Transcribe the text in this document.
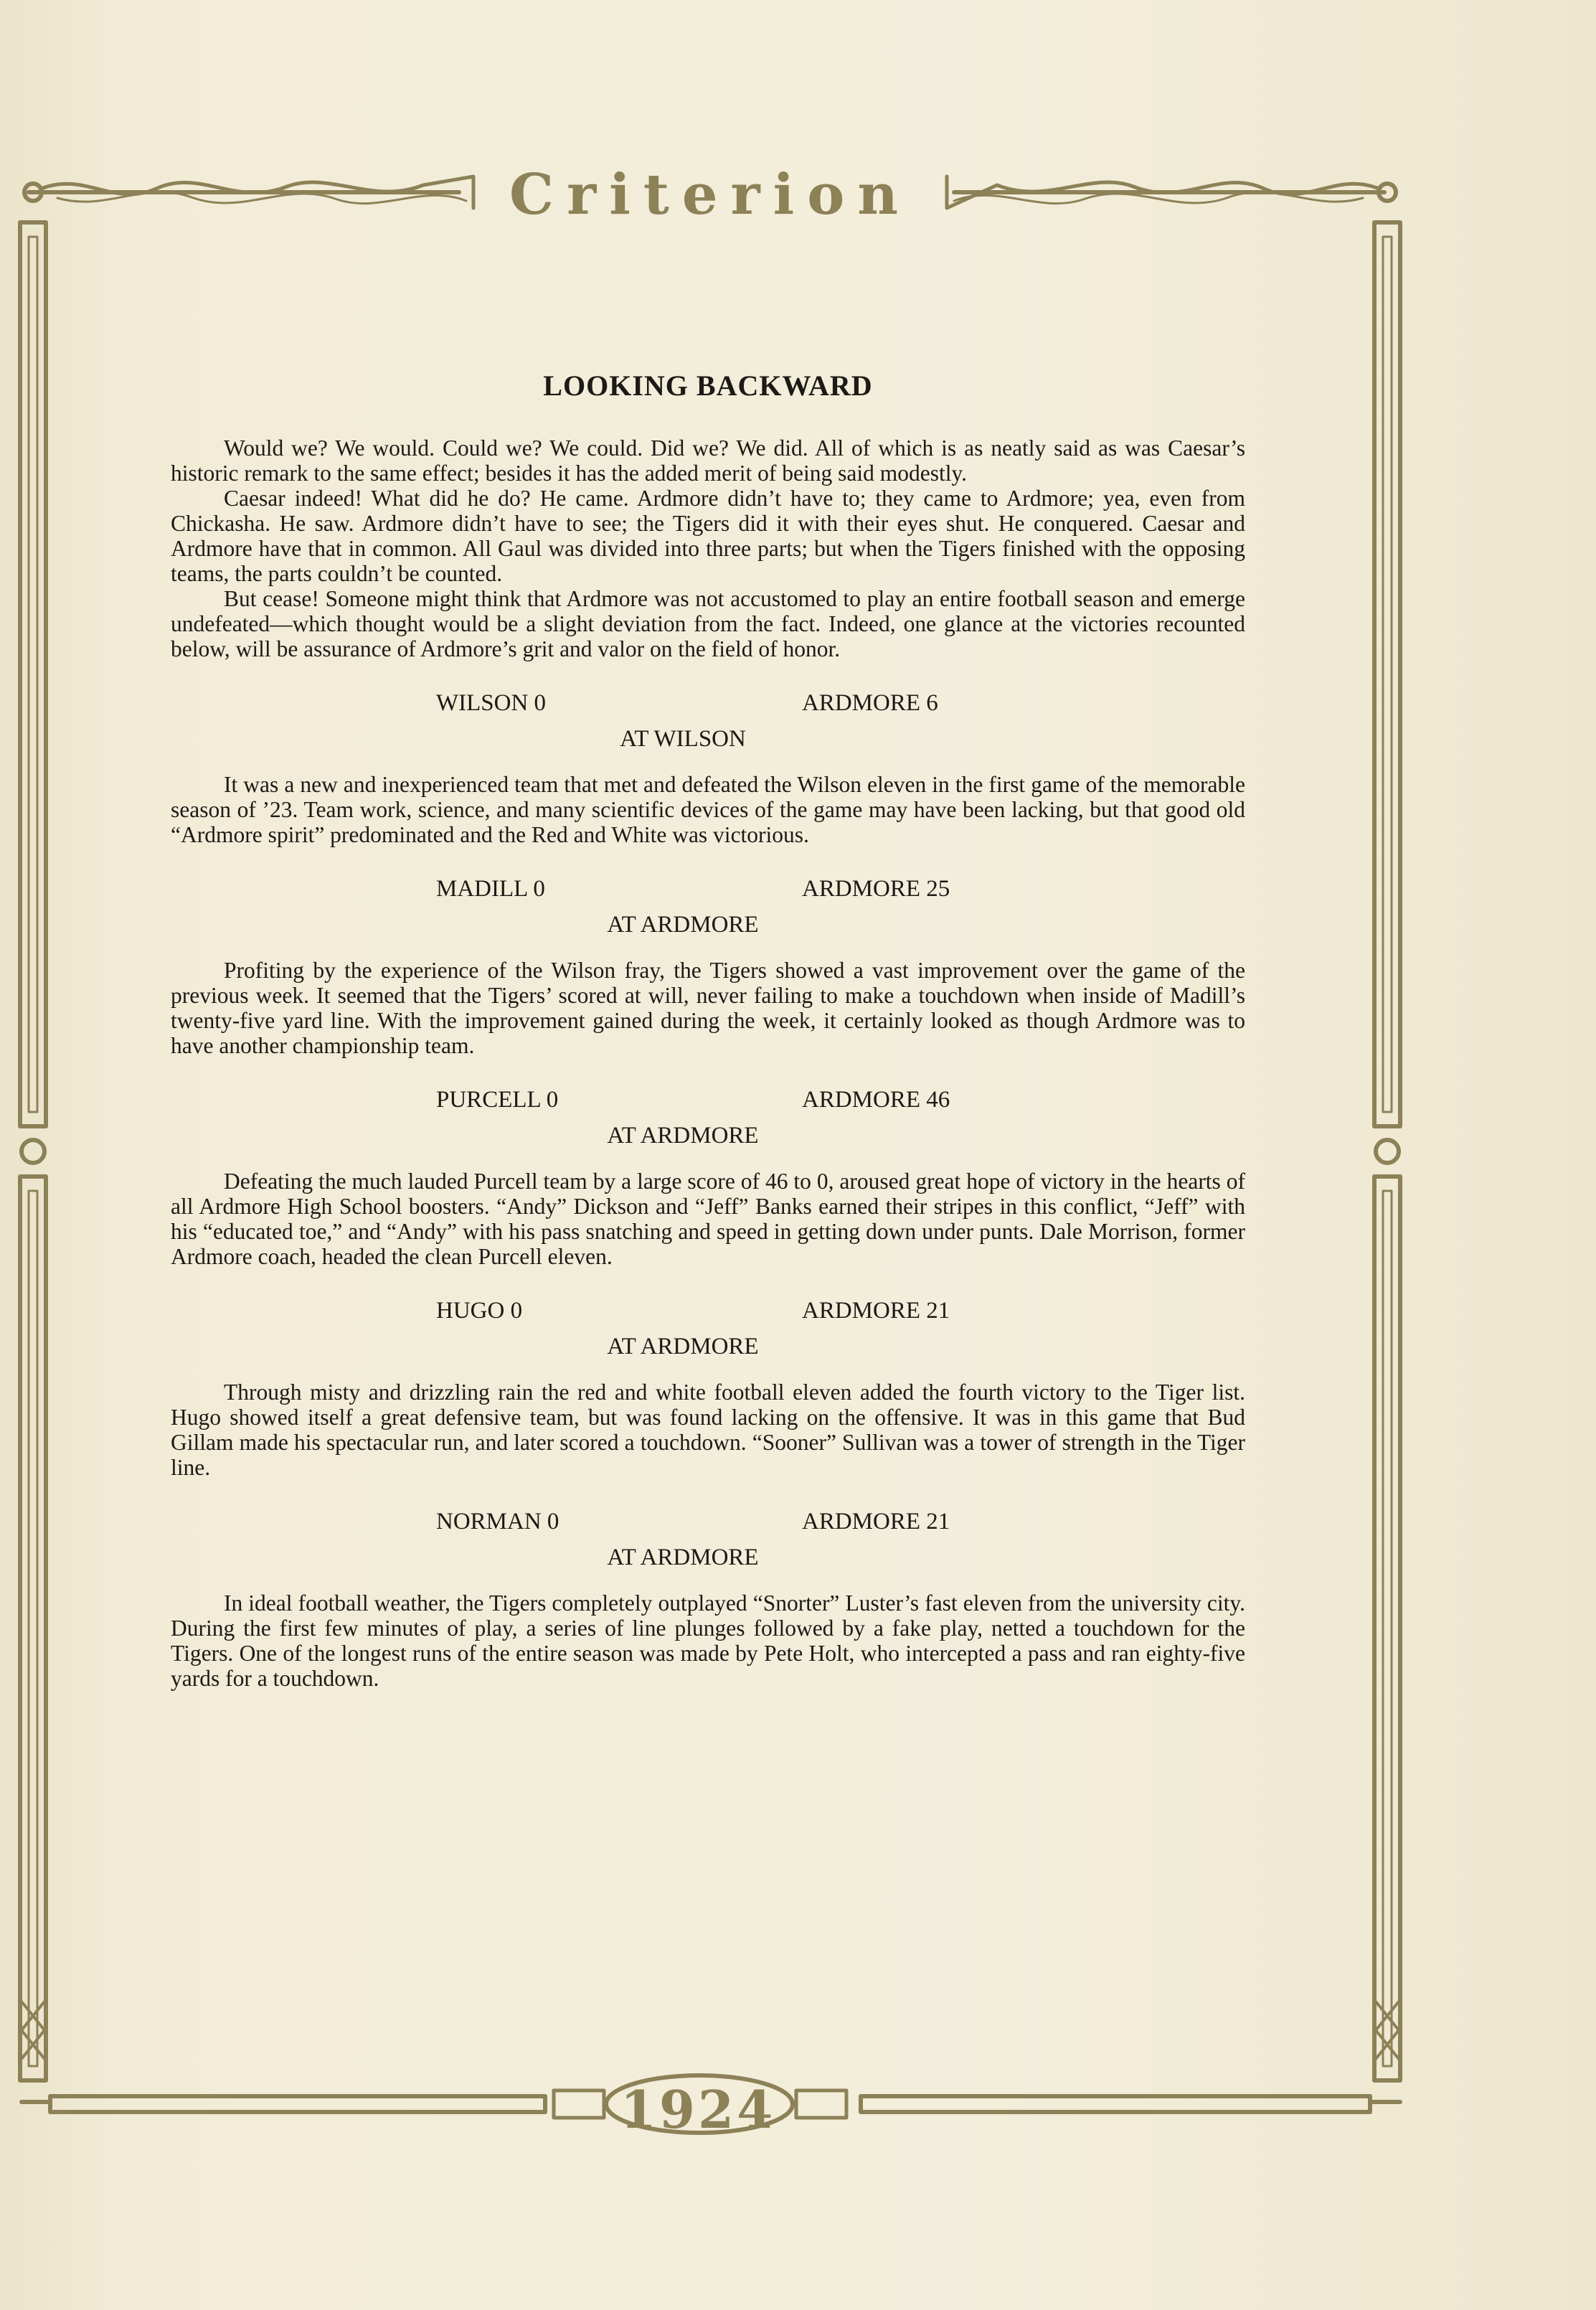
Criterion
1924
LOOKING BACKWARD

Would we? We would. Could we? We could. Did we? We did. All of which is as neatly said as was Caesar’s historic remark to the same effect; besides it has the added merit of being said modestly.

Caesar indeed! What did he do? He came. Ardmore didn’t have to; they came to Ardmore; yea, even from Chickasha. He saw. Ardmore didn’t have to see; the Tigers did it with their eyes shut. He conquered. Caesar and Ardmore have that in common. All Gaul was divided into three parts; but when the Tigers finished with the opposing teams, the parts couldn’t be counted.

But cease! Someone might think that Ardmore was not accustomed to play an entire football season and emerge undefeated—which thought would be a slight deviation from the fact. Indeed, one glance at the victories recounted below, will be assurance of Ardmore’s grit and valor on the field of honor.

WILSON 0	ARDMORE 6
AT WILSON

It was a new and inexperienced team that met and defeated the Wilson eleven in the first game of the memorable season of ’23. Team work, science, and many scientific devices of the game may have been lacking, but that good old “Ardmore spirit” predominated and the Red and White was victorious.

MADILL 0	ARDMORE 25
AT ARDMORE

Profiting by the experience of the Wilson fray, the Tigers showed a vast improvement over the game of the previous week. It seemed that the Tigers’ scored at will, never failing to make a touchdown when inside of Madill’s twenty-five yard line. With the improvement gained during the week, it certainly looked as though Ardmore was to have another championship team.

PURCELL 0	ARDMORE 46
AT ARDMORE

Defeating the much lauded Purcell team by a large score of 46 to 0, aroused great hope of victory in the hearts of all Ardmore High School boosters. “Andy” Dickson and “Jeff” Banks earned their stripes in this conflict, “Jeff” with his “educated toe,” and “Andy” with his pass snatching and speed in getting down under punts. Dale Morrison, former Ardmore coach, headed the clean Purcell eleven.

HUGO 0	ARDMORE 21
AT ARDMORE

Through misty and drizzling rain the red and white football eleven added the fourth victory to the Tiger list. Hugo showed itself a great defensive team, but was found lacking on the offensive. It was in this game that Bud Gillam made his spectacular run, and later scored a touchdown. “Sooner” Sullivan was a tower of strength in the Tiger line.

NORMAN 0	ARDMORE 21
AT ARDMORE

In ideal football weather, the Tigers completely outplayed “Snorter” Luster’s fast eleven from the university city. During the first few minutes of play, a series of line plunges followed by a fake play, netted a touchdown for the Tigers. One of the longest runs of the entire season was made by Pete Holt, who intercepted a pass and ran eighty-five yards for a touchdown.
